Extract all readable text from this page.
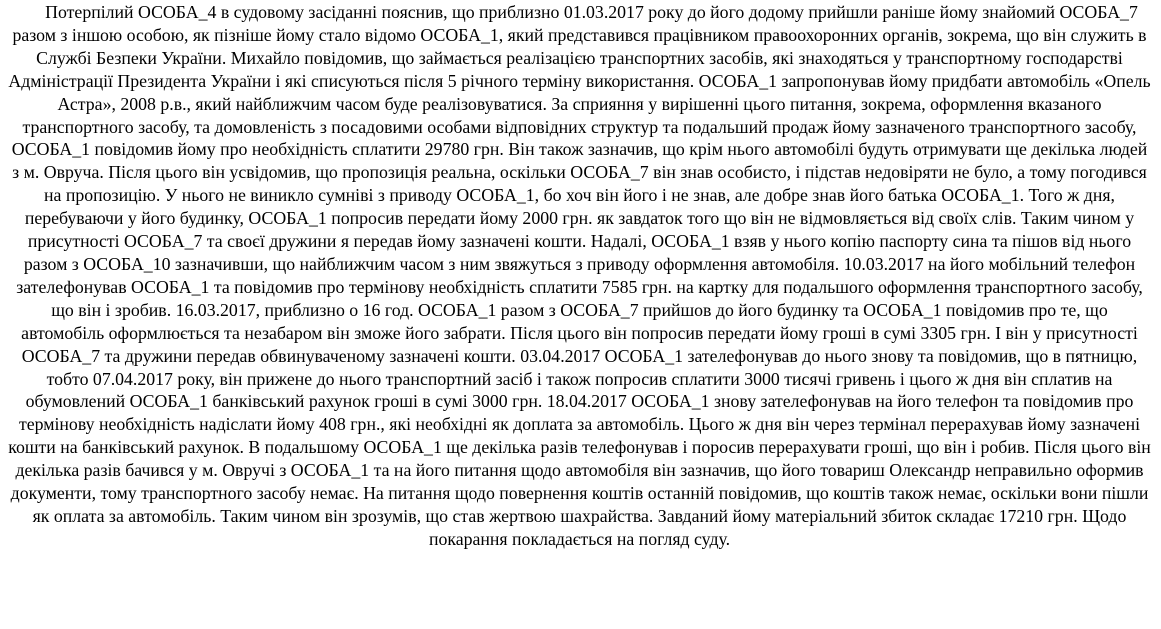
Потерпілий ОСОБА_4 в судовому засіданні пояснив, що приблизно 01.03.2017 року до його додому прийшли раніше йому знайомий ОСОБА_7 разом з іншою особою, як пізніше йому стало відомо ОСОБА_1, який представився працівником правоохоронних органів, зокрема, що він служить в Службі Безпеки України. Михайло повідомив, що займається реалізацією транспортних засобів, які знаходяться у транспортному господарстві Адміністрації Президента України і які списуються після 5 річного терміну використання. ОСОБА_1 запропонував йому придбати автомобіль «Опель Астра», 2008 р.в., який найближчим часом буде реалізовуватися. За сприяння у вирішенні цього питання, зокрема, оформлення вказаного транспортного засобу, та домовленість з посадовими особами відповідних структур та подальший продаж йому зазначеного транспортного засобу, ОСОБА_1 повідомив йому про необхідність сплатити 29780 грн. Він також зазначив, що крім нього автомобілі будуть отримувати ще декілька людей з м. Овруча. Після цього він усвідомив, що пропозиція реальна, оскільки ОСОБА_7 він знав особисто, і підстав недовіряти не було, а тому погодився на пропозицію. У нього не виникло сумніві з приводу ОСОБА_1, бо хоч він його і не знав, але добре знав його батька ОСОБА_1. Того ж дня, перебуваючи у його будинку, ОСОБА_1 попросив передати йому 2000 грн. як завдаток того що він не відмовляється від своїх слів. Таким чином у присутності ОСОБА_7 та своєї дружини я передав йому зазначені кошти. Надалі, ОСОБА_1 взяв у нього копію паспорту сина та пішов від нього разом з ОСОБА_10 зазначивши, що найближчим часом з ним звяжуться з приводу оформлення автомобіля. 10.03.2017 на його мобільний телефон зателефонував ОСОБА_1 та повідомив про термінову необхідність сплатити 7585 грн. на картку для подальшого оформлення транспортного засобу, що він і зробив. 16.03.2017, приблизно о 16 год. ОСОБА_1 разом з ОСОБА_7 прийшов до його будинку та ОСОБА_1 повідомив про те, що автомобіль оформлюється та незабаром він зможе його забрати. Після цього він попросив передати йому гроші в сумі 3305 грн. І він у присутності ОСОБА_7 та дружини передав обвинуваченому зазначені кошти. 03.04.2017 ОСОБА_1 зателефонував до нього знову та повідомив, що в пятницю, тобто 07.04.2017 року, він прижене до нього транспортний засіб і також попросив сплатити 3000 тисячі гривень і цього ж дня він сплатив на обумовлений ОСОБА_1 банківський рахунок гроші в сумі 3000 грн. 18.04.2017 ОСОБА_1 знову зателефонував на його телефон та повідомив про термінову необхідність надіслати йому 408 грн., які необхідні як доплата за автомобіль. Цього ж дня він через термінал перерахував йому зазначені кошти на банківський рахунок. В подальшому ОСОБА_1 ще декілька разів телефонував і поросив перерахувати гроші, що він і робив. Після цього він декілька разів бачився у м. Овручі з ОСОБА_1 та на його питання щодо автомобіля він зазначив, що його товариш Олександр неправильно оформив документи, тому транспортного засобу немає. На питання щодо повернення коштів останній повідомив, що коштів також немає, оскільки вони пішли як оплата за автомобіль. Таким чином він зрозумів, що став жертвою шахрайства. Завданий йому матеріальний збиток складає 17210 грн. Щодо покарання покладається на погляд суду.
